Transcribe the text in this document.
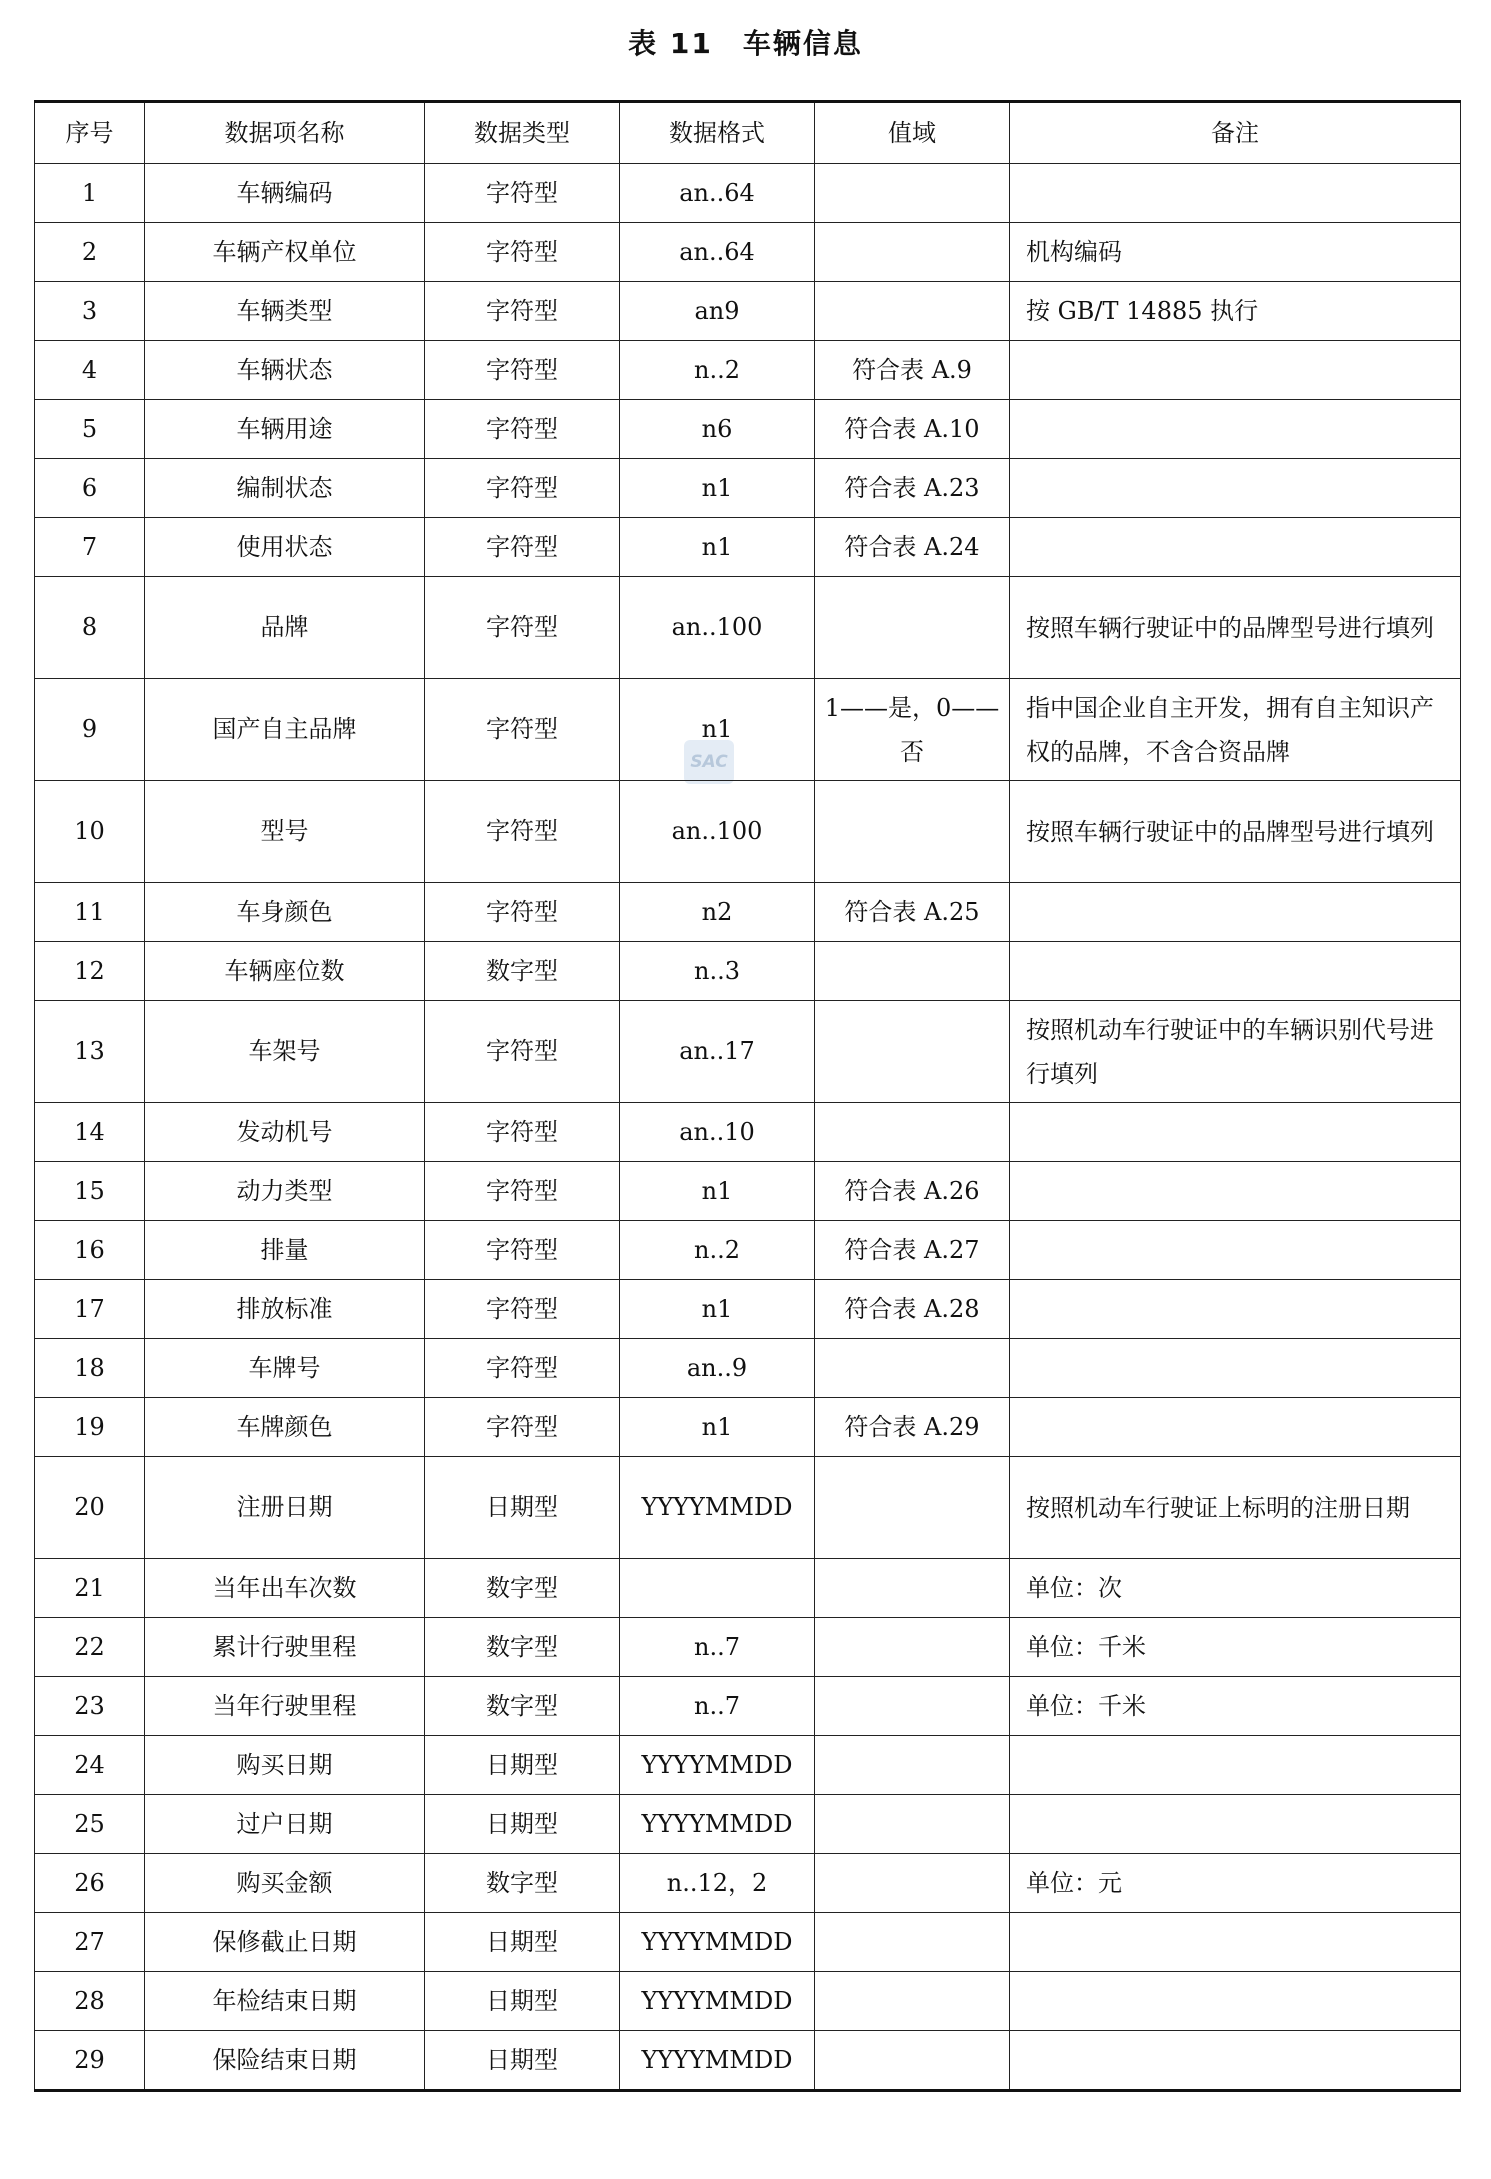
表 11　车辆信息
SAC
序号	数据项名称	数据类型	数据格式	值域	备注
1	车辆编码	字符型	an..64		
2	车辆产权单位	字符型	an..64		机构编码
3	车辆类型	字符型	an9		按 GB/T 14885 执行
4	车辆状态	字符型	n..2	符合表 A.9	
5	车辆用途	字符型	n6	符合表 A.10	
6	编制状态	字符型	n1	符合表 A.23	
7	使用状态	字符型	n1	符合表 A.24	
8	品牌	字符型	an..100		按照车辆行驶证中的品牌型号进行填列
9	国产自主品牌	字符型	n1	1——是，0——否	指中国企业自主开发，拥有自主知识产权的品牌，不含合资品牌
10	型号	字符型	an..100		按照车辆行驶证中的品牌型号进行填列
11	车身颜色	字符型	n2	符合表 A.25	
12	车辆座位数	数字型	n..3		
13	车架号	字符型	an..17		按照机动车行驶证中的车辆识别代号进行填列
14	发动机号	字符型	an..10		
15	动力类型	字符型	n1	符合表 A.26	
16	排量	字符型	n..2	符合表 A.27	
17	排放标准	字符型	n1	符合表 A.28	
18	车牌号	字符型	an..9		
19	车牌颜色	字符型	n1	符合表 A.29	
20	注册日期	日期型	YYYYMMDD		按照机动车行驶证上标明的注册日期
21	当年出车次数	数字型			单位：次
22	累计行驶里程	数字型	n..7		单位：千米
23	当年行驶里程	数字型	n..7		单位：千米
24	购买日期	日期型	YYYYMMDD		
25	过户日期	日期型	YYYYMMDD		
26	购买金额	数字型	n..12，2		单位：元
27	保修截止日期	日期型	YYYYMMDD		
28	年检结束日期	日期型	YYYYMMDD		
29	保险结束日期	日期型	YYYYMMDD		
